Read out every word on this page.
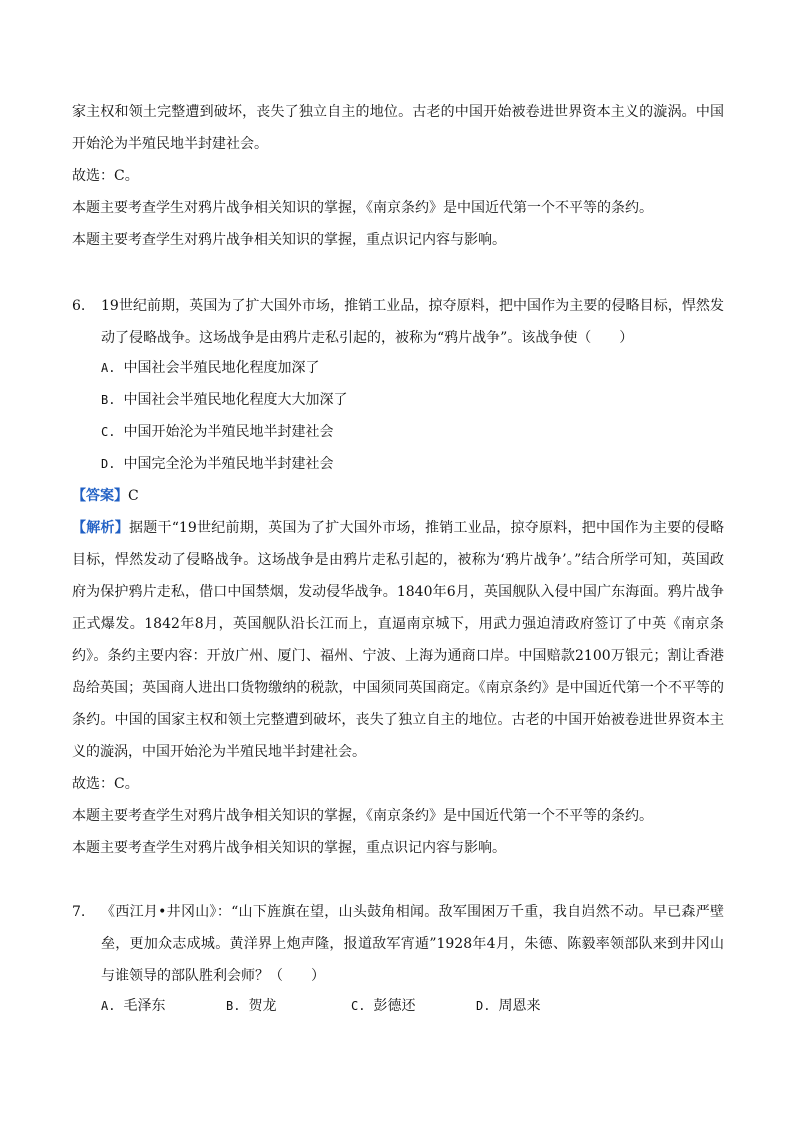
家主权和领土完整遭到破坏，丧失了独立自主的地位。古老的中国开始被卷进世界资本主义的漩涡。中国开始沦为半殖民地半封建社会。

故选：C。

本题主要考查学生对鸦片战争相关知识的掌握，《南京条约》是中国近代第一个不平等的条约。

本题主要考查学生对鸦片战争相关知识的掌握，重点识记内容与影响。

6. 19世纪前期，英国为了扩大国外市场，推销工业品，掠夺原料，把中国作为主要的侵略目标，悍然发动了侵略战争。这场战争是由鸦片走私引起的，被称为“鸦片战争”。该战争使（　　）

A. 中国社会半殖民地化程度加深了
B. 中国社会半殖民地化程度大大加深了
C. 中国开始沦为半殖民地半封建社会
D. 中国完全沦为半殖民地半封建社会
【答案】C
【解析】据题干“19世纪前期，英国为了扩大国外市场，推销工业品，掠夺原料，把中国作为主要的侵略目标，悍然发动了侵略战争。这场战争是由鸦片走私引起的，被称为‘鸦片战争’。”结合所学可知，英国政府为保护鸦片走私，借口中国禁烟，发动侵华战争。1840年6月，英国舰队入侵中国广东海面。鸦片战争正式爆发。1842年8月，英国舰队沿长江而上，直逼南京城下，用武力强迫清政府签订了中英《南京条约》。条约主要内容：开放广州、厦门、福州、宁波、上海为通商口岸。中国赔款2100万银元；割让香港岛给英国；英国商人进出口货物缴纳的税款，中国须同英国商定。《南京条约》是中国近代第一个不平等的条约。中国的国家主权和领土完整遭到破坏，丧失了独立自主的地位。古老的中国开始被卷进世界资本主义的漩涡，中国开始沦为半殖民地半封建社会。

故选：C。

本题主要考查学生对鸦片战争相关知识的掌握，《南京条约》是中国近代第一个不平等的条约。

本题主要考查学生对鸦片战争相关知识的掌握，重点识记内容与影响。

7. 《西江月•井冈山》：“山下旌旗在望，山头鼓角相闻。敌军围困万千重，我自岿然不动。早已森严壁垒，更加众志成城。黄洋界上炮声隆，报道敌军宵遁”1928年4月，朱德、陈毅率领部队来到井冈山与谁领导的部队胜利会师？（　　）

A. 毛泽东	B. 贺龙	C. 彭德还	D. 周恩来
